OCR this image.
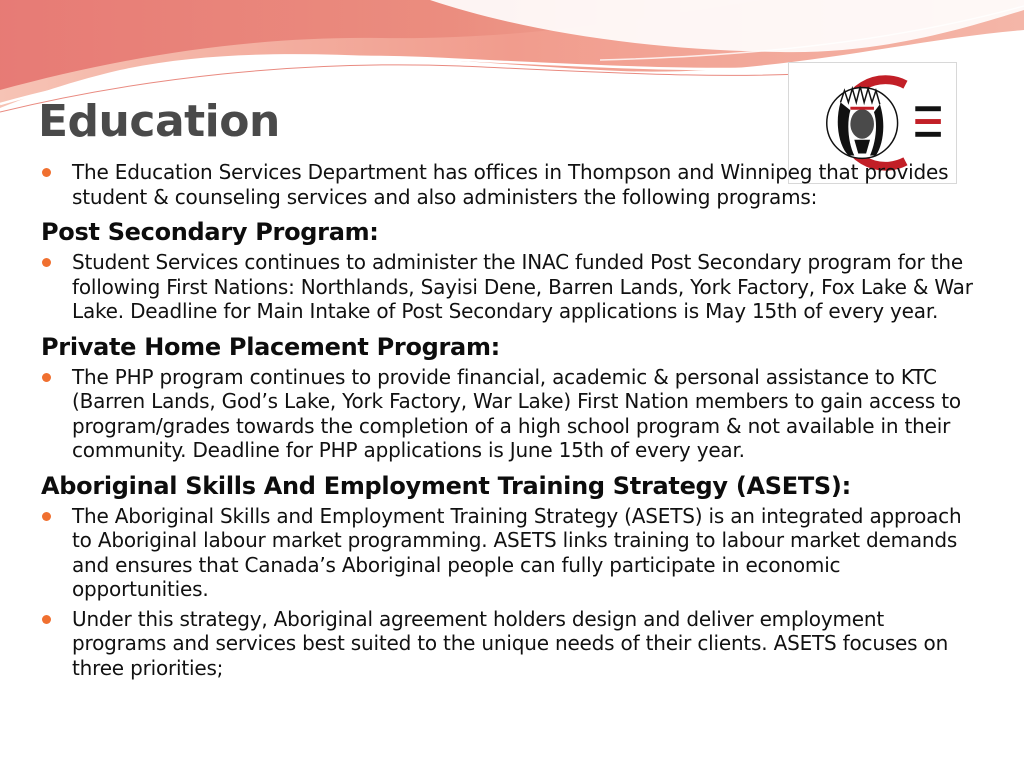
Education
The Education Services Department has offices in Thompson and Winnipeg that provides student & counseling services and also administers the following programs:
Post Secondary Program:
Student Services continues to administer the INAC funded Post Secondary program for the following First Nations: Northlands, Sayisi Dene, Barren Lands, York Factory, Fox Lake & War Lake. Deadline for Main Intake of Post Secondary applications is May 15th of every year.
Private Home Placement Program:
The PHP program continues to provide financial, academic & personal assistance to KTC (Barren Lands, God’s Lake, York Factory, War Lake) First Nation members to gain access to program/grades towards the completion of a high school program & not available in their community. Deadline for PHP applications is June 15th of every year.
Aboriginal Skills And Employment Training Strategy (ASETS):
The Aboriginal Skills and Employment Training Strategy (ASETS) is an integrated approach to Aboriginal labour market programming. ASETS links training to labour market demands and ensures that Canada’s Aboriginal people can fully participate in economic opportunities.
Under this strategy, Aboriginal agreement holders design and deliver employment programs and services best suited to the unique needs of their clients. ASETS focuses on three priorities;
